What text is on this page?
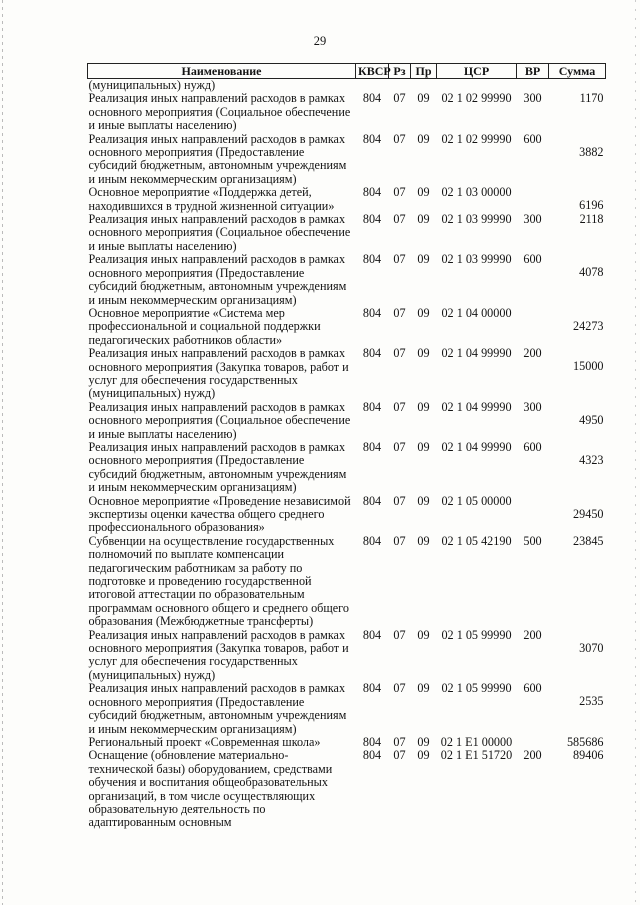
29
Наименование	КВСР	Рз	Пр	ЦСР	ВР	Сумма
(муниципальных) нужд)						
Реализация иных направлений расходов в рамках основного мероприятия (Социальное обеспечение и иные выплаты населению)	804	07	09	02 1 02 99990	300	1170
Реализация иных направлений расходов в рамках основного мероприятия (Предоставление субсидий бюджетным, автономным учреждениям и иным некоммерческим организациям)	804	07	09	02 1 02 99990	600	3882
Основное мероприятие «Поддержка детей, находившихся в трудной жизненной ситуации»	804	07	09	02 1 03 00000		6196
Реализация иных направлений расходов в рамках основного мероприятия (Социальное обеспечение и иные выплаты населению)	804	07	09	02 1 03 99990	300	2118
Реализация иных направлений расходов в рамках основного мероприятия (Предоставление субсидий бюджетным, автономным учреждениям и иным некоммерческим организациям)	804	07	09	02 1 03 99990	600	4078
Основное мероприятие «Система мер профессиональной и социальной поддержки педагогических работников области»	804	07	09	02 1 04 00000		24273
Реализация иных направлений расходов в рамках основного мероприятия (Закупка товаров, работ и услуг для обеспечения государственных (муниципальных) нужд)	804	07	09	02 1 04 99990	200	15000
Реализация иных направлений расходов в рамках основного мероприятия (Социальное обеспечение и иные выплаты населению)	804	07	09	02 1 04 99990	300	4950
Реализация иных направлений расходов в рамках основного мероприятия (Предоставление субсидий бюджетным, автономным учреждениям и иным некоммерческим организациям)	804	07	09	02 1 04 99990	600	4323
Основное мероприятие «Проведение независимой экспертизы оценки качества общего среднего профессионального образования»	804	07	09	02 1 05 00000		29450
Субвенции на осуществление государственных полномочий по выплате компенсации педагогическим работникам за работу по подготовке и проведению государственной итоговой аттестации по образовательным программам основного общего и среднего общего образования (Межбюджетные трансферты)	804	07	09	02 1 05 42190	500	23845
Реализация иных направлений расходов в рамках основного мероприятия (Закупка товаров, работ и услуг для обеспечения государственных (муниципальных) нужд)	804	07	09	02 1 05 99990	200	3070
Реализация иных направлений расходов в рамках основного мероприятия (Предоставление субсидий бюджетным, автономным учреждениям и иным некоммерческим организациям)	804	07	09	02 1 05 99990	600	2535
Региональный проект «Современная школа»	804	07	09	02 1 E1 00000		585686
Оснащение (обновление материально-технической базы) оборудованием, средствами обучения и воспитания общеобразовательных организаций, в том числе осуществляющих образовательную деятельность по адаптированным основным	804	07	09	02 1 E1 51720	200	89406
